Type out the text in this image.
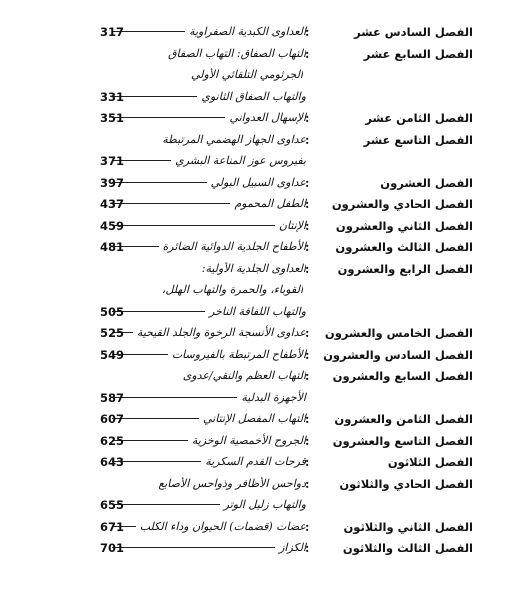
الفصل السادس عشر
:
العداوى الكبدية الصفراوية
317
الفصل السابع عشر
:
التهاب الصفاق: التهاب الصفاق
الجرثومي التلقائي الأولي
والتهاب الصفاق الثانوي
331
الفصل الثامن عشر
:
الإسهال العدواني
351
الفصل التاسع عشر
:
عداوى الجهاز الهضمي المرتبطة
بفيروس عوز المناعة البشري
371
الفصل العشرون
:
عداوى السبيل البولي
397
الفصل الحادي والعشرون
:
الطفل المحموم
437
الفصل الثاني والعشرون
:
الإنتان
459
الفصل الثالث والعشرون
:
الأطفاح الجلدية الدوائية الضائرة
481
الفصل الرابع والعشرون
:
العداوى الجلدية الأولية:
القوباء، والحمرة والتهاب الهلل،
والتهاب اللفافة الناخر
505
الفصل الخامس والعشرون
:
عداوى الأنسجة الرخوة والجلد القيحية
525
الفصل السادس والعشرون
:
الأطفاح المرتبطة بالفيروسات
549
الفصل السابع والعشرون
:
التهاب العظم والنقي/عدوى
الأجهزة البدلية
587
الفصل الثامن والعشرون
:
التهاب المفصل الإنتاني
607
الفصل التاسع والعشرون
:
الجروح الأخمصية الوخزية
625
الفصل الثلاثون
:
قرحات القدم السكرية
643
الفصل الحادي والثلاثون
:
دواحس الأظافر وذواحس الأصابع
والتهاب زليل الوتر
655
الفصل الثاني والثلاثون
:
عضات (قضمات) الحيوان وداء الكلب
671
الفصل الثالث والثلاثون
:
الكزاز
701
